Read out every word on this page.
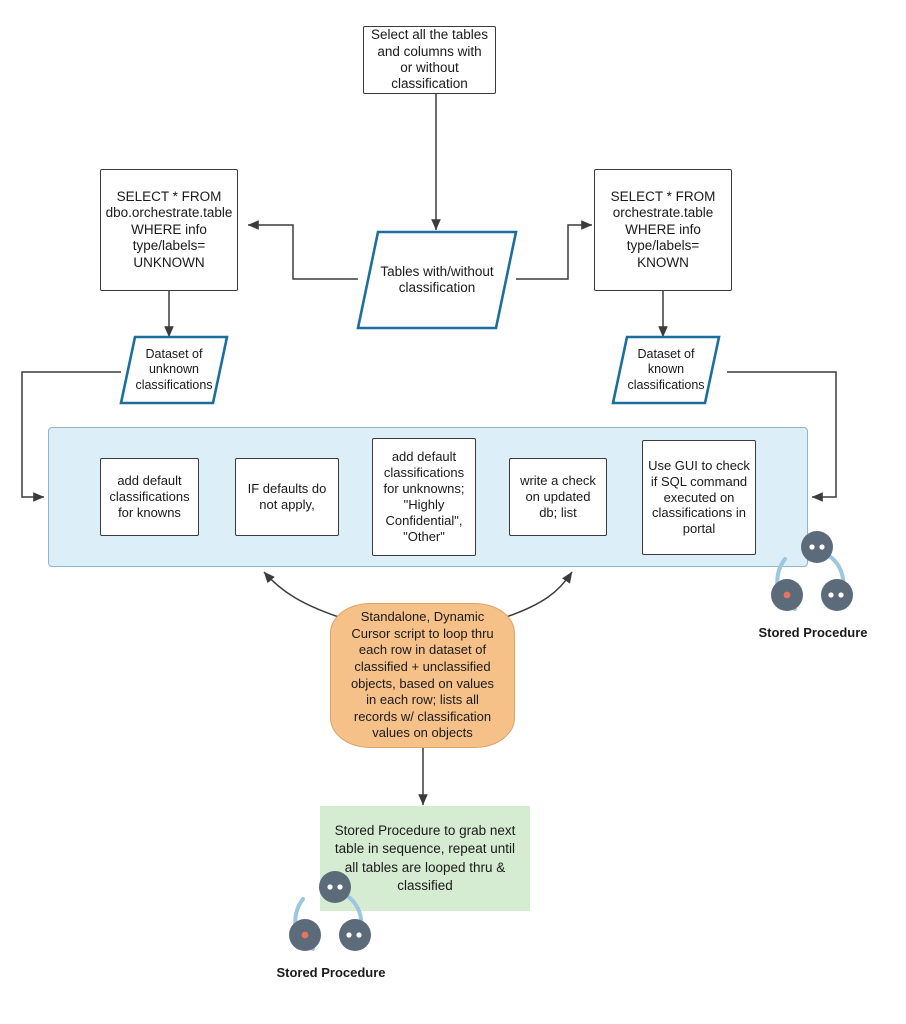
Select all the tables and columns with or without classification
Tables with/without classification
SELECT * FROM dbo.orchestrate.table WHERE info type/labels= UNKNOWN
SELECT * FROM orchestrate.table WHERE info type/labels= KNOWN
Dataset of unknown classifications
Dataset of known classifications
add default classifications for knowns
IF defaults do not apply,
add default classifications for unknowns; "Highly Confidential", "Other"
write a check on updated db; list
Use GUI to check if SQL command executed on classifications in portal
Standalone, Dynamic Cursor script to loop thru each row in dataset of classified + unclassified objects, based on values in each row; lists all records w/ classification values on objects
Stored Procedure to grab next table in sequence, repeat until all tables are looped thru & classified
Stored Procedure
Stored Procedure
